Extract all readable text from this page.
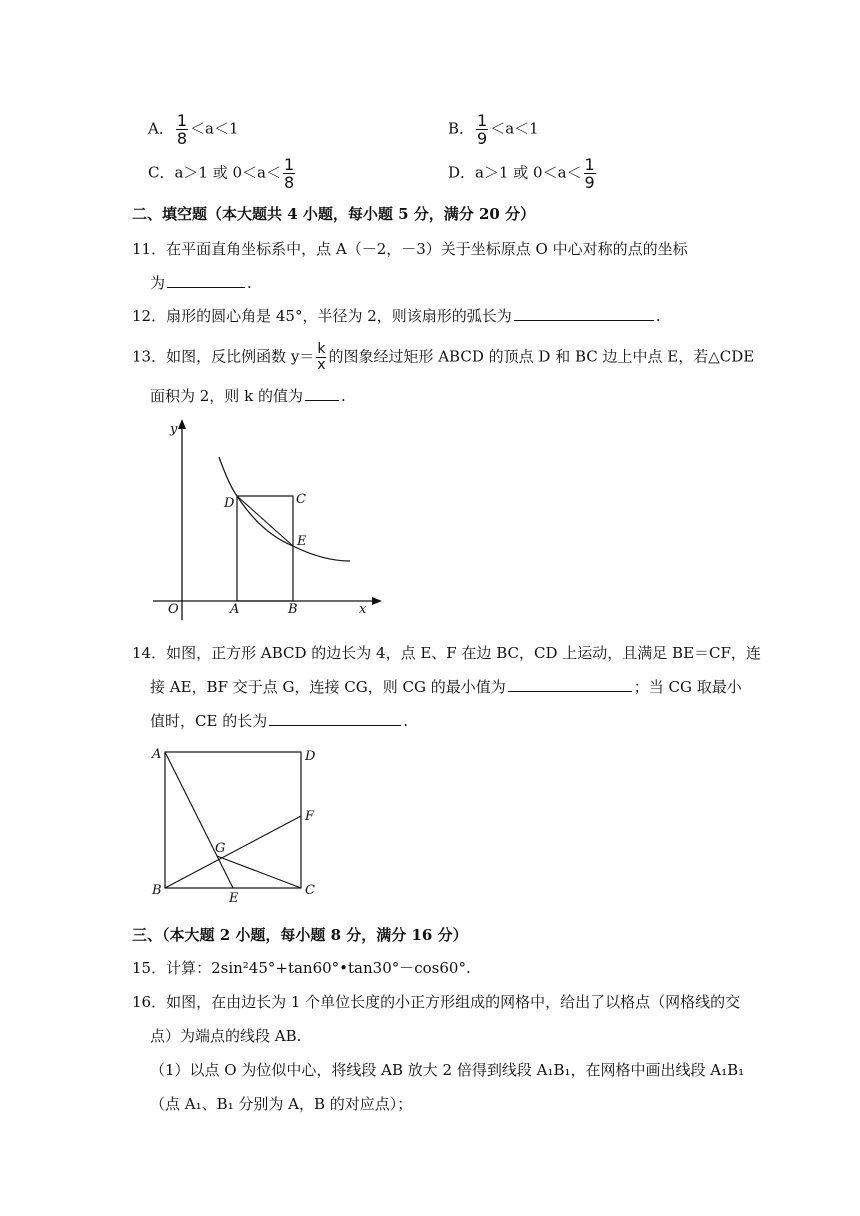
A． $\frac{1}{8} <a<1$	B． $\frac{1}{9} <a<1$
C．a＞1 或 $0<a< \frac{1}{8}$	D．a＞1 或 $0<a< \frac{1}{9}$
二、填空题（本大题共 4 小题，每小题 5 分，满分 20 分）
11．在平面直角坐标系中，点 A（－2，－3）关于坐标原点 O 中心对称的点的坐标
为	.
12．扇形的圆心角是 45°，半径为 2，则该扇形的弧长为	.
13．如图，反比例函数 $y= \frac{k}{x}$ 的图象经过矩形 ABCD 的顶点 D 和 BC 边上中点 E，若△CDE
面积为 2，则 k 的值为	.
y
x
O	A	B
C
D
E
14．如图，正方形 ABCD 的边长为 4，点 E、F 在边 BC，CD 上运动，且满足 BE＝CF，连
接 AE，BF 交于点 G，连接 CG，则 CG 的最小值为	；当 CG 取最小
值时，CE 的长为	.
A	D
B	C
E
F
G
三、（本大题 2 小题，每小题 8 分，满分 16 分）
15．计算：2sin²45°+tan60°•tan30°－cos60°.
16．如图，在由边长为 1 个单位长度的小正方形组成的网格中，给出了以格点（网格线的交
点）为端点的线段 AB.
（1）以点 O 为位似中心，将线段 AB 放大 2 倍得到线段 A₁B₁，在网格中画出线段 A₁B₁
（点 A₁、B₁ 分别为 A，B 的对应点）；
